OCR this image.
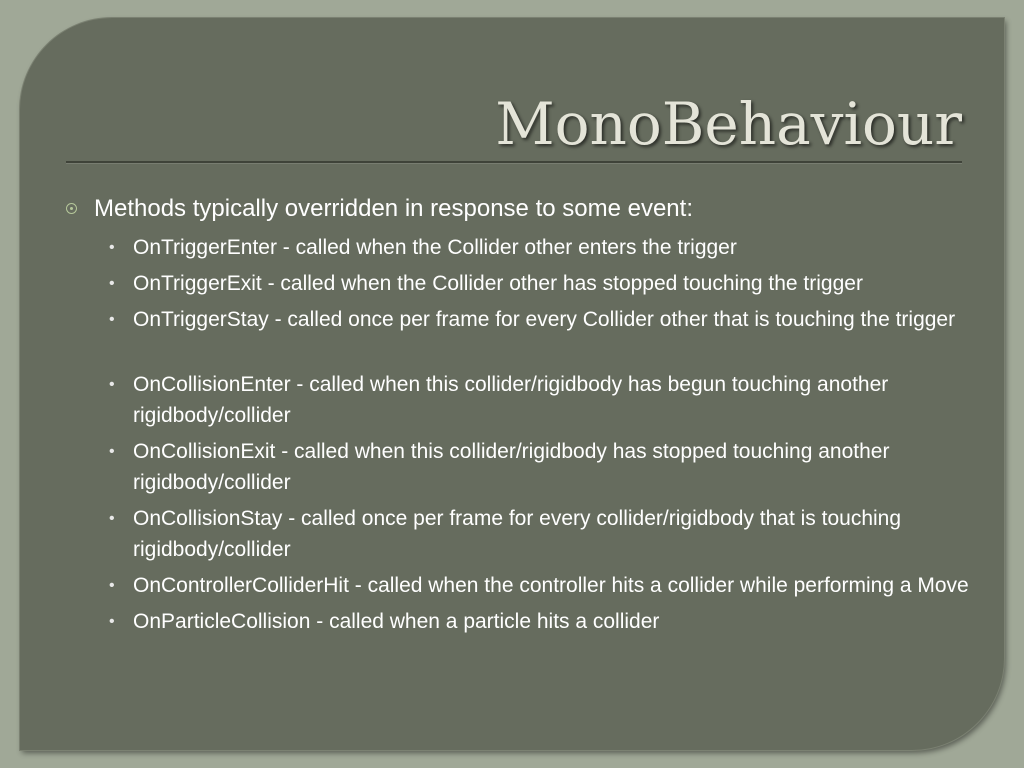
MonoBehaviour

Methods typically overridden in response to some event:

• OnTriggerEnter - called when the Collider other enters the trigger
• OnTriggerExit - called when the Collider other has stopped touching the trigger
• OnTriggerStay - called once per frame for every Collider other that is touching the trigger
• OnCollisionEnter - called when this collider/rigidbody has begun touching another rigidbody/collider
• OnCollisionExit - called when this collider/rigidbody has stopped touching another rigidbody/collider
• OnCollisionStay - called once per frame for every collider/rigidbody that is touching rigidbody/collider
• OnControllerColliderHit - called when the controller hits a collider while performing a Move
• OnParticleCollision - called when a particle hits a collider
